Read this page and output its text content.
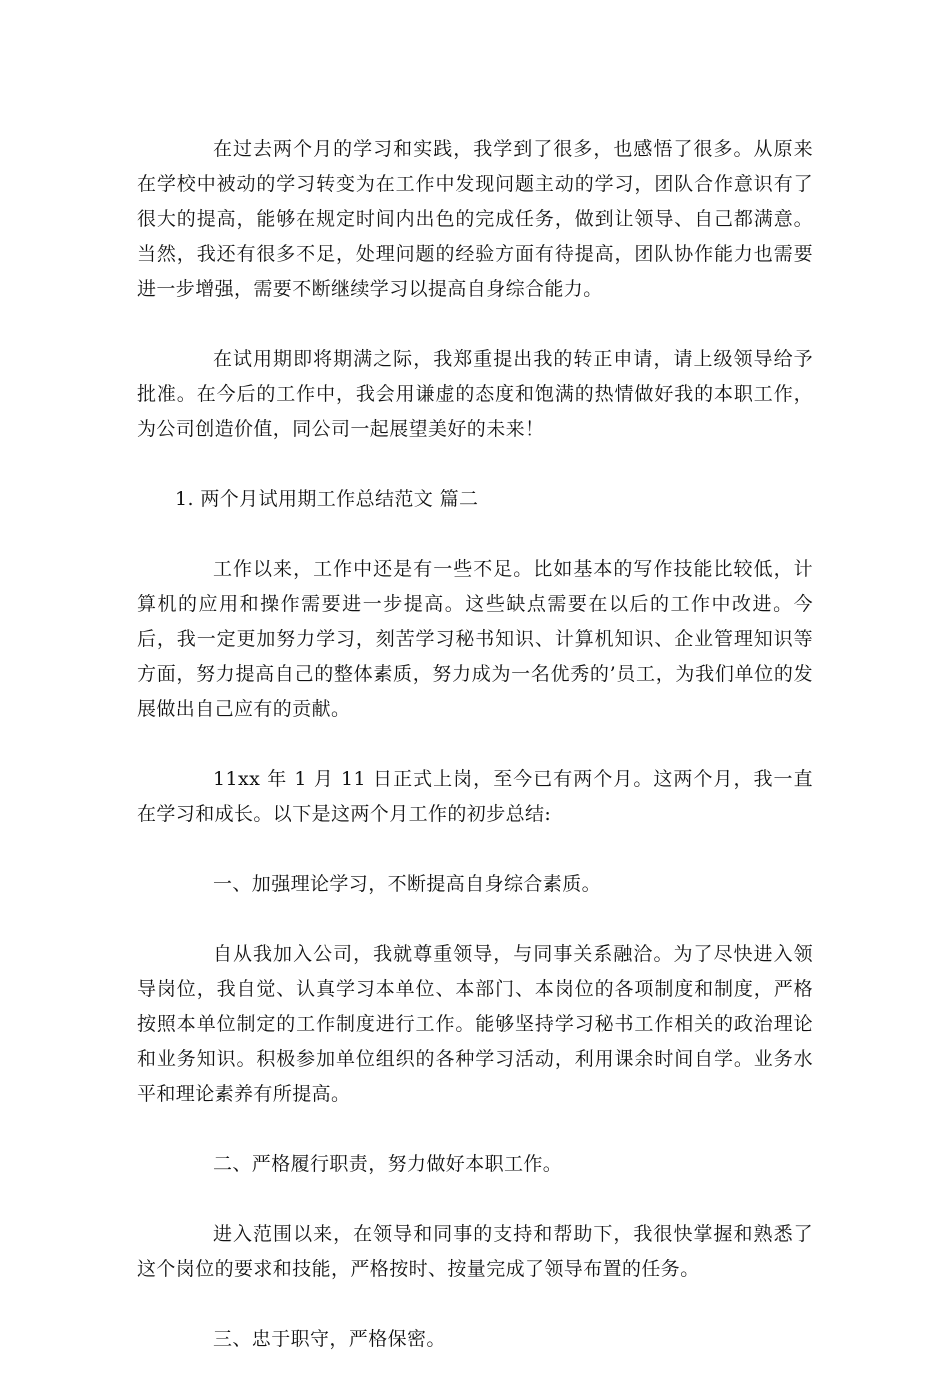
在过去两个月的学习和实践，我学到了很多，也感悟了很多。从原来在学校中被动的学习转变为在工作中发现问题主动的学习，团队合作意识有了很大的提高，能够在规定时间内出色的完成任务，做到让领导、自己都满意。当然，我还有很多不足，处理问题的经验方面有待提高，团队协作能力也需要进一步增强，需要不断继续学习以提高自身综合能力。

在试用期即将期满之际，我郑重提出我的转正申请，请上级领导给予批准。在今后的工作中，我会用谦虚的态度和饱满的热情做好我的本职工作，为公司创造价值，同公司一起展望美好的未来！

1. 两个月试用期工作总结范文 篇二

工作以来，工作中还是有一些不足。比如基本的写作技能比较低，计算机的应用和操作需要进一步提高。这些缺点需要在以后的工作中改进。今后，我一定更加努力学习，刻苦学习秘书知识、计算机知识、企业管理知识等方面，努力提高自己的整体素质，努力成为一名优秀的’员工，为我们单位的发展做出自己应有的贡献。

11xx 年 1 月 11 日正式上岗，至今已有两个月。这两个月，我一直在学习和成长。以下是这两个月工作的初步总结:

一、加强理论学习，不断提高自身综合素质。

自从我加入公司，我就尊重领导，与同事关系融洽。为了尽快进入领导岗位，我自觉、认真学习本单位、本部门、本岗位的各项制度和制度，严格按照本单位制定的工作制度进行工作。能够坚持学习秘书工作相关的政治理论和业务知识。积极参加单位组织的各种学习活动，利用课余时间自学。业务水平和理论素养有所提高。

二、严格履行职责，努力做好本职工作。

进入范围以来，在领导和同事的支持和帮助下，我很快掌握和熟悉了这个岗位的要求和技能，严格按时、按量完成了领导布置的任务。

三、忠于职守，严格保密。
